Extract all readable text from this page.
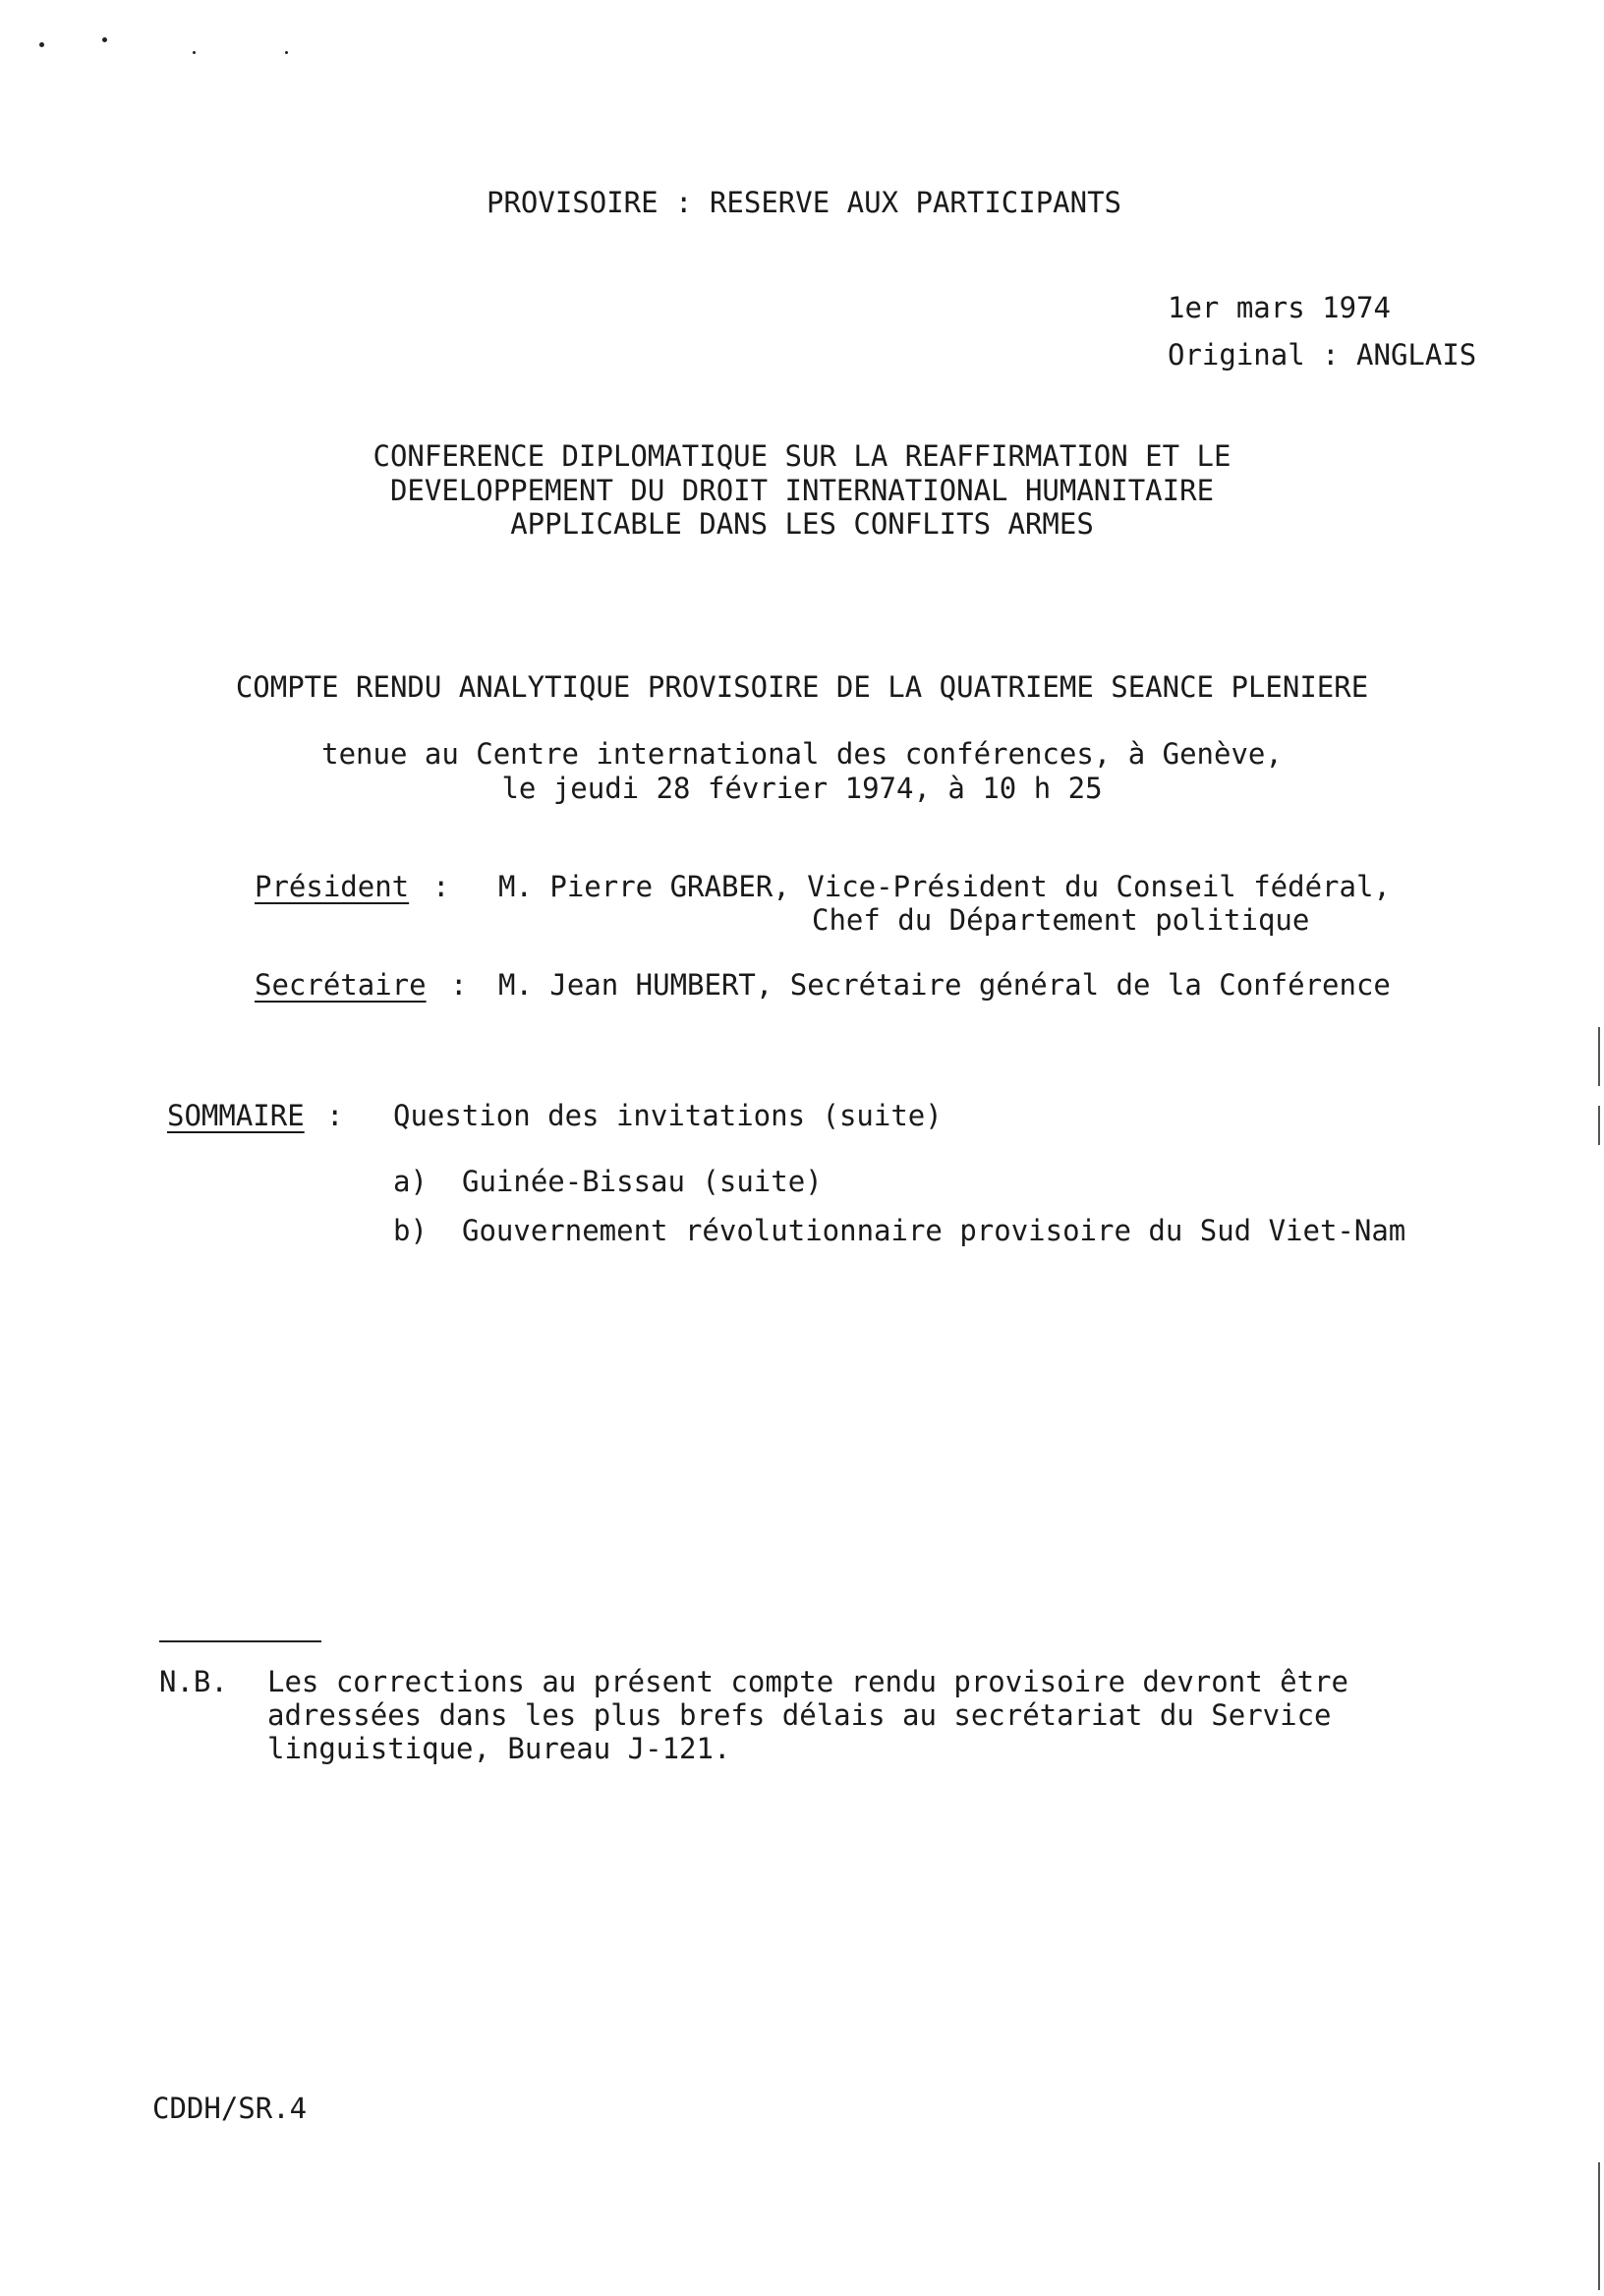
PROVISOIRE : RESERVE AUX PARTICIPANTS
1er mars 1974
Original : ANGLAIS
CONFERENCE DIPLOMATIQUE SUR LA REAFFIRMATION ET LE
DEVELOPPEMENT DU DROIT INTERNATIONAL HUMANITAIRE
APPLICABLE DANS LES CONFLITS ARMES
COMPTE RENDU ANALYTIQUE PROVISOIRE DE LA QUATRIEME SEANCE PLENIERE
tenue au Centre international des conférences, à Genève,
le jeudi 28 février 1974, à 10 h 25
Président : M. Pierre GRABER, Vice-Président du Conseil fédéral,
Chef du Département politique
Secrétaire : M. Jean HUMBERT, Secrétaire général de la Conférence
SOMMAIRE : Question des invitations (suite)
a) Guinée-Bissau (suite)
b) Gouvernement révolutionnaire provisoire du Sud Viet-Nam
N.B. Les corrections au présent compte rendu provisoire devront être
adressées dans les plus brefs délais au secrétariat du Service
linguistique, Bureau J-121.
CDDH/SR.4
